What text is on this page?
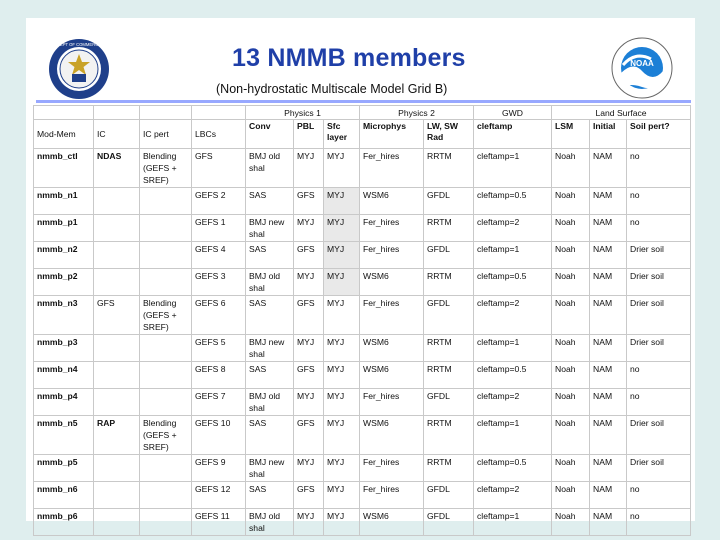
DEPT OF COMMERCE
NOAA
13 NMMB members
(Non-hydrostatic Multiscale Model Grid B)
				Physics 1			Physics 2		GWD	Land Surface		
Mod-Mem	IC	IC pert	LBCs	Conv	PBL	Sfc layer	Microphys	LW, SW Rad	cleftamp	LSM	Initial	Soil pert?
nmmb_ctl	NDAS	Blending (GEFS + SREF)	GFS	BMJ old shal	MYJ	MYJ	Fer_hires	RRTM	cleftamp=1	Noah	NAM	no
nmmb_n1			GEFS 2	SAS	GFS	MYJ	WSM6	GFDL	cleftamp=0.5	Noah	NAM	no
nmmb_p1			GEFS 1	BMJ new shal	MYJ	MYJ	Fer_hires	RRTM	cleftamp=2	Noah	NAM	no
nmmb_n2			GEFS 4	SAS	GFS	MYJ	Fer_hires	GFDL	cleftamp=1	Noah	NAM	Drier soil
nmmb_p2			GEFS 3	BMJ old shal	MYJ	MYJ	WSM6	RRTM	cleftamp=0.5	Noah	NAM	Drier soil
nmmb_n3	GFS	Blending (GEFS + SREF)	GEFS 6	SAS	GFS	MYJ	Fer_hires	GFDL	cleftamp=2	Noah	NAM	Drier soil
nmmb_p3			GEFS 5	BMJ new shal	MYJ	MYJ	WSM6	RRTM	cleftamp=1	Noah	NAM	Drier soil
nmmb_n4			GEFS 8	SAS	GFS	MYJ	WSM6	RRTM	cleftamp=0.5	Noah	NAM	no
nmmb_p4			GEFS 7	BMJ old shal	MYJ	MYJ	Fer_hires	GFDL	cleftamp=2	Noah	NAM	no
nmmb_n5	RAP	Blending (GEFS + SREF)	GEFS 10	SAS	GFS	MYJ	WSM6	RRTM	cleftamp=1	Noah	NAM	Drier soil
nmmb_p5			GEFS 9	BMJ new shal	MYJ	MYJ	Fer_hires	RRTM	cleftamp=0.5	Noah	NAM	Drier soil
nmmb_n6			GEFS 12	SAS	GFS	MYJ	Fer_hires	GFDL	cleftamp=2	Noah	NAM	no
nmmb_p6			GEFS 11	BMJ old shal	MYJ	MYJ	WSM6	GFDL	cleftamp=1	Noah	NAM	no
